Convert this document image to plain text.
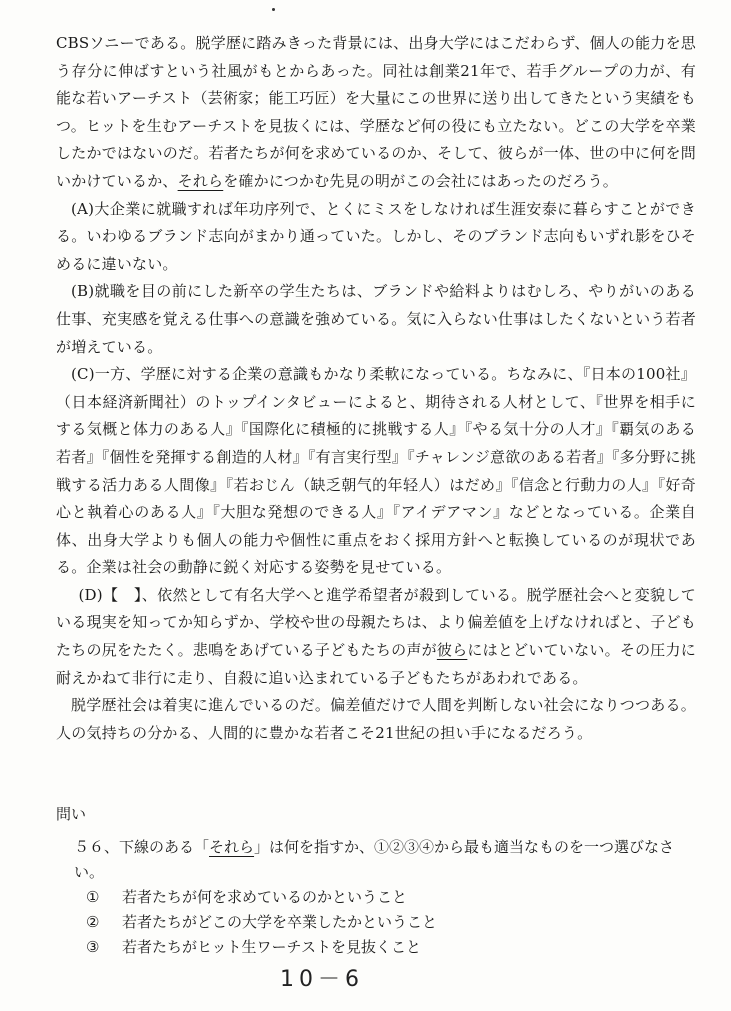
CBSソニーである。脱学歴に踏みきった背景には、出身大学にはこだわらず、個人の能力を思う存分に伸ばすという社風がもとからあった。同社は創業21年で、若手グループの力が、有能な若いアーチスト（芸術家；能工巧匠）を大量にこの世界に送り出してきたという実績をもつ。ヒットを生むアーチストを見抜くには、学歴など何の役にも立たない。どこの大学を卒業したかではないのだ。若者たちが何を求めているのか、そして、彼らが一体、世の中に何を問いかけているか、それらを確かにつかむ先見の明がこの会社にはあったのだろう。

(A)大企業に就職すれば年功序列で、とくにミスをしなければ生涯安泰に暮らすことができる。いわゆるブランド志向がまかり通っていた。しかし、そのブランド志向もいずれ影をひそめるに違いない。

(B)就職を目の前にした新卒の学生たちは、ブランドや給料よりはむしろ、やりがいのある仕事、充実感を覚える仕事への意識を強めている。気に入らない仕事はしたくないという若者が増えている。

(C)一方、学歴に対する企業の意識もかなり柔軟になっている。ちなみに、『日本の100社』（日本経済新聞社）のトップインタビューによると、期待される人材として、『世界を相手にする気概と体力のある人』『国際化に積極的に挑戦する人』『やる気十分の人才』『覇気のある若者』『個性を発揮する創造的人材』『有言実行型』『チャレンジ意欲のある若者』『多分野に挑戦する活力ある人間像』『若おじん（缺乏朝气的年轻人）はだめ』『信念と行動力の人』『好奇心と執着心のある人』『大胆な発想のできる人』『アイデアマン』などとなっている。企業自体、出身大学よりも個人の能力や個性に重点をおく採用方針へと転換しているのが現状である。企業は社会の動静に鋭く対応する姿勢を見せている。

(D)【　】、依然として有名大学へと進学希望者が殺到している。脱学歴社会へと変貌している現実を知ってか知らずか、学校や世の母親たちは、より偏差値を上げなければと、子どもたちの尻をたたく。悲鳴をあげている子どもたちの声が彼らにはとどいていない。その圧力に耐えかねて非行に走り、自殺に追い込まれている子どもたちがあわれである。

脱学歴社会は着実に進んでいるのだ。偏差値だけで人間を判断しない社会になりつつある。人の気持ちの分かる、人間的に豊かな若者こそ21世紀の担い手になるだろう。

問い

５６、下線のある「それら」は何を指すか、①②③④から最も適当なものを一つ選びなさい。

① 若者たちが何を求めているのかということ

② 若者たちがどこの大学を卒業したかということ

③ 若者たちがヒット生ワーチストを見抜くこと

10－6
